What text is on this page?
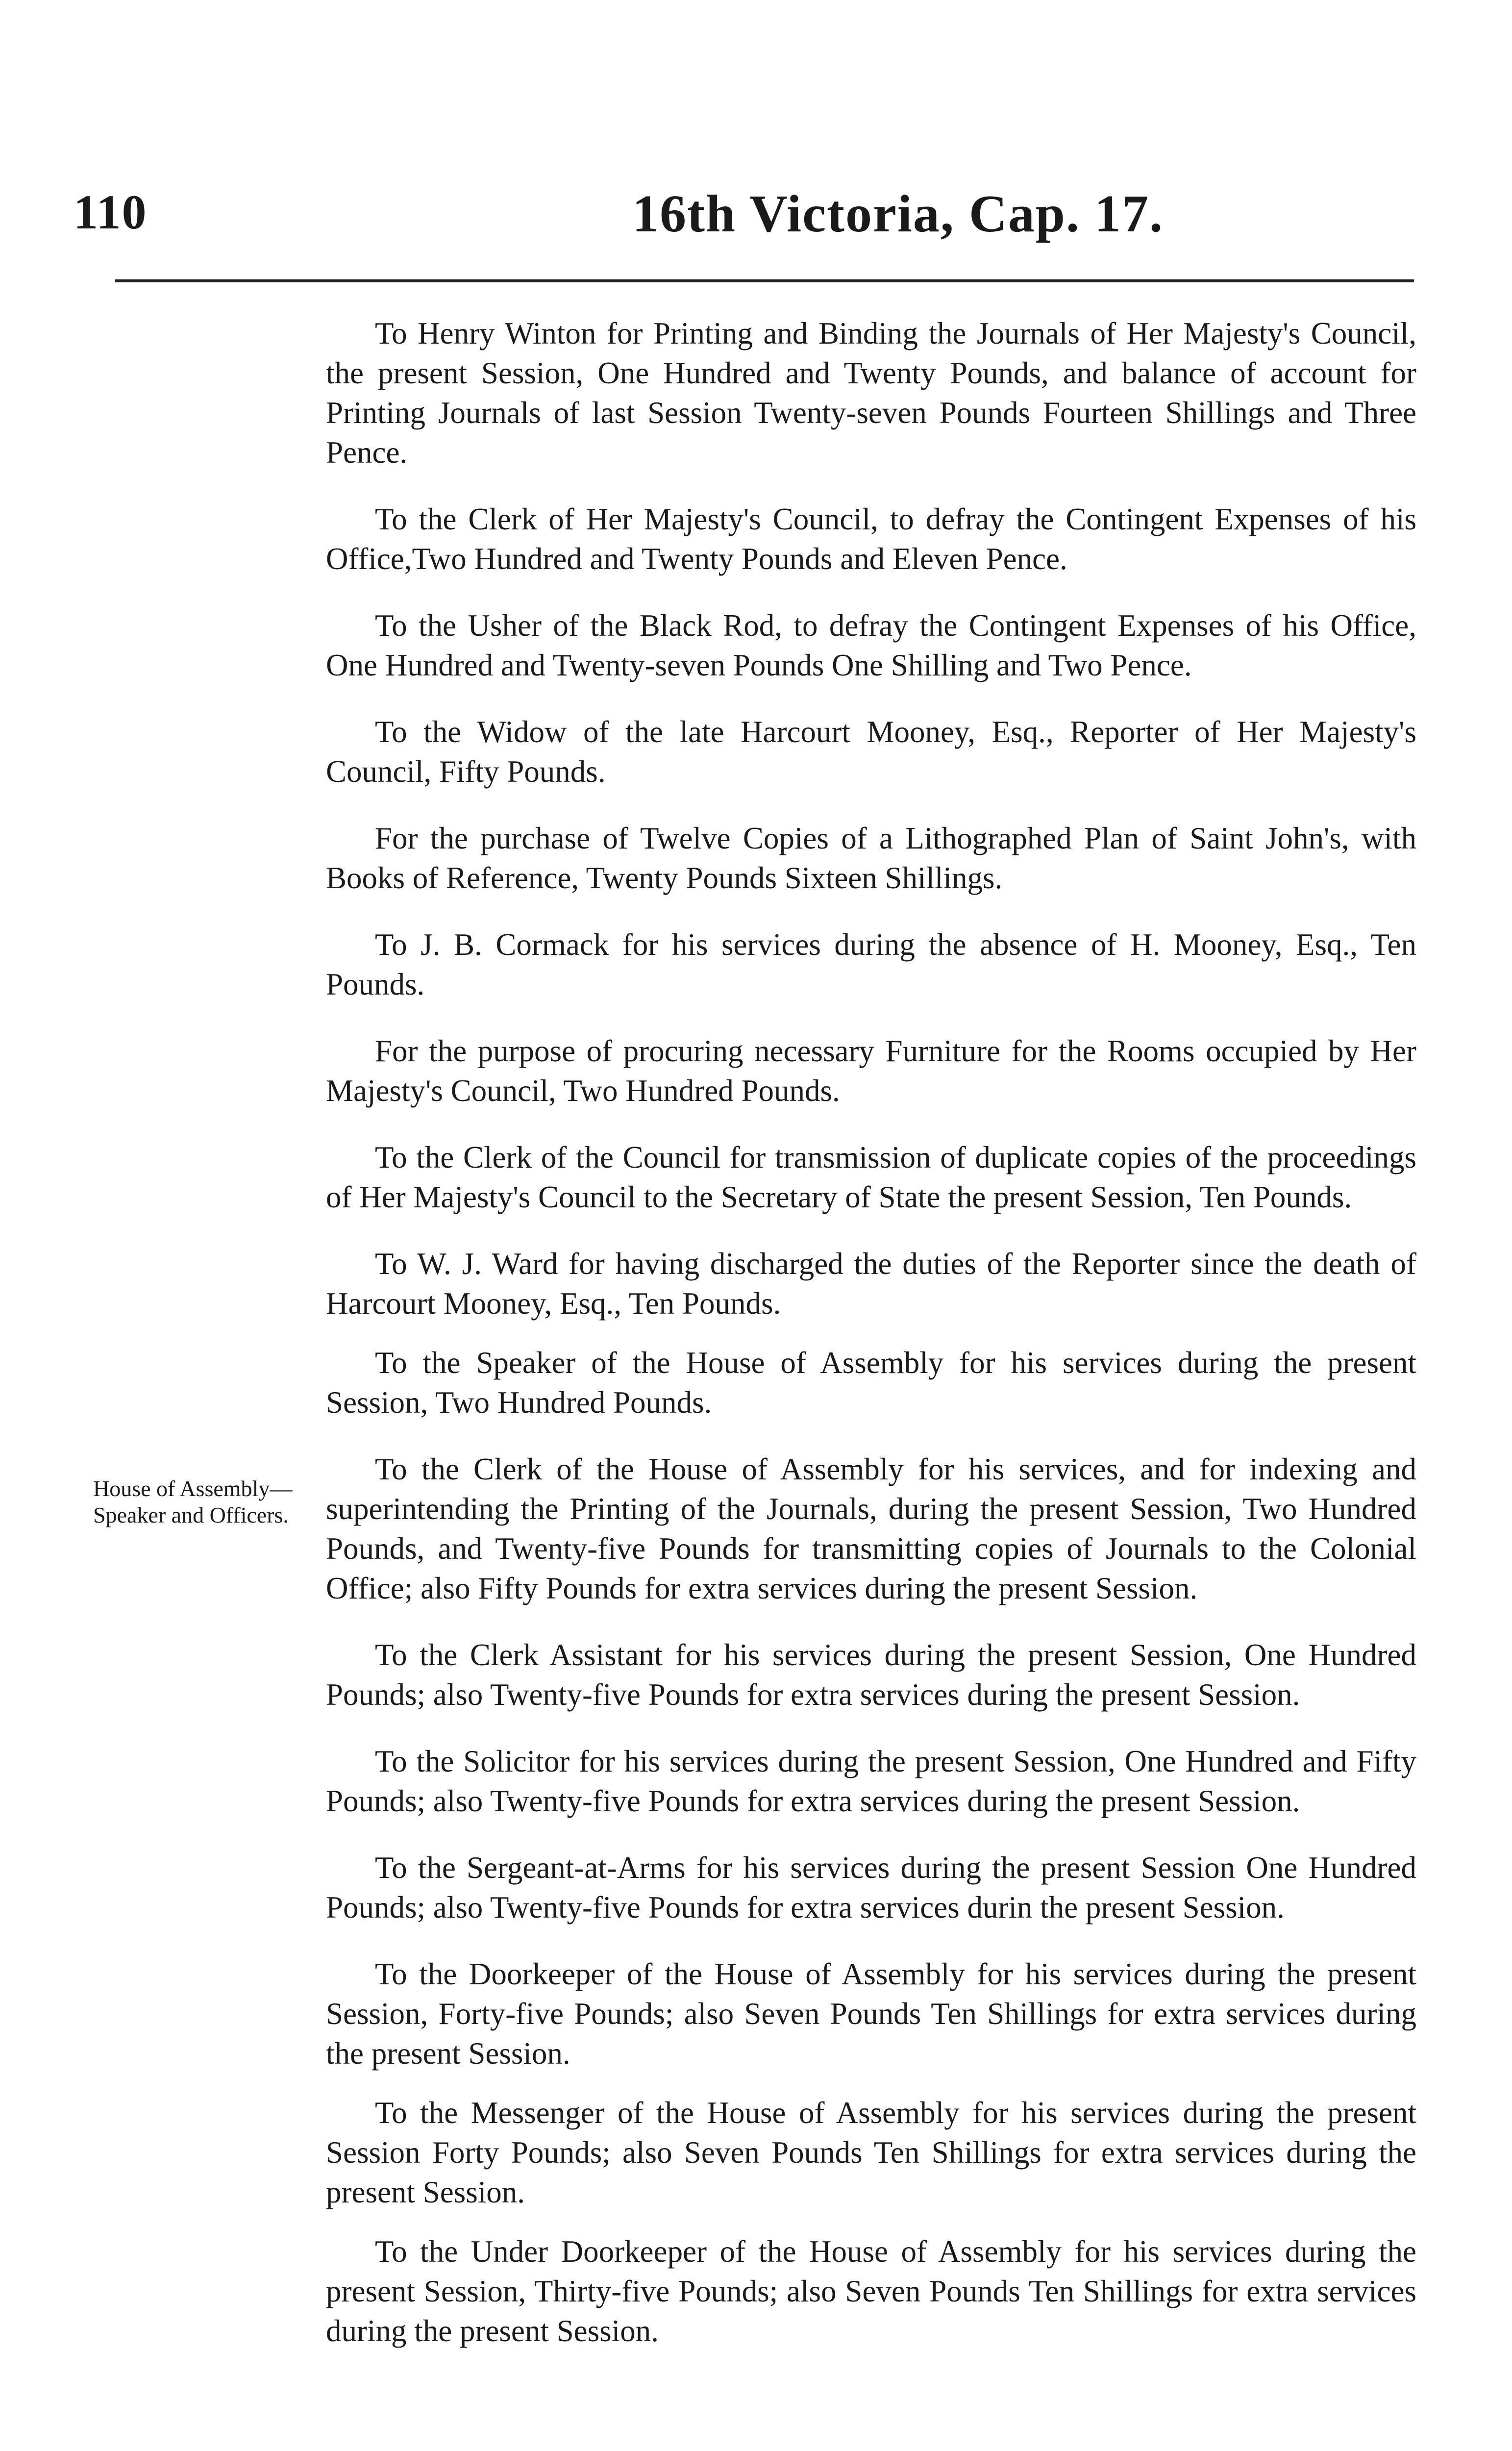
110	16th Victoria, Cap. 17.
House of Assembly—Speaker and Officers.

To Henry Winton for Printing and Binding the Journals of Her Majesty's Council, the present Session, One Hundred and Twenty Pounds, and balance of account for Printing Journals of last Session Twenty-seven Pounds Fourteen Shillings and Three Pence.

To the Clerk of Her Majesty's Council, to defray the Contingent Expenses of his Office,Two Hundred and Twenty Pounds and Eleven Pence.

To the Usher of the Black Rod, to defray the Contingent Expenses of his Office, One Hundred and Twenty-seven Pounds One Shilling and Two Pence.

To the Widow of the late Harcourt Mooney, Esq., Reporter of Her Majesty's Council, Fifty Pounds.

For the purchase of Twelve Copies of a Lithographed Plan of Saint John's, with Books of Reference, Twenty Pounds Sixteen Shillings.

To J. B. Cormack for his services during the absence of H. Mooney, Esq., Ten Pounds.

For the purpose of procuring necessary Furniture for the Rooms occupied by Her Majesty's Council, Two Hundred Pounds.

To the Clerk of the Council for transmission of duplicate copies of the proceedings of Her Majesty's Council to the Secretary of State the present Session, Ten Pounds.

To W. J. Ward for having discharged the duties of the Reporter since the death of Harcourt Mooney, Esq., Ten Pounds.

To the Speaker of the House of Assembly for his services during the present Session, Two Hundred Pounds.

To the Clerk of the House of Assembly for his services, and for indexing and superintending the Printing of the Journals, during the present Session, Two Hundred Pounds, and Twenty-five Pounds for transmitting copies of Journals to the Colonial Office; also Fifty Pounds for extra services during the present Session.

To the Clerk Assistant for his services during the present Session, One Hundred Pounds; also Twenty-five Pounds for extra services during the present Session.

To the Solicitor for his services during the present Session, One Hundred and Fifty Pounds; also Twenty-five Pounds for extra services during the present Session.

To the Sergeant-at-Arms for his services during the present Session One Hundred Pounds; also Twenty-five Pounds for extra services durin the present Session.

To the Doorkeeper of the House of Assembly for his services during the present Session, Forty-five Pounds; also Seven Pounds Ten Shillings for extra services during the present Session.

To the Messenger of the House of Assembly for his services during the present Session Forty Pounds; also Seven Pounds Ten Shillings for extra services during the present Session.

To the Under Doorkeeper of the House of Assembly for his services during the present Session, Thirty-five Pounds; also Seven Pounds Ten Shillings for extra services during the present Session.
